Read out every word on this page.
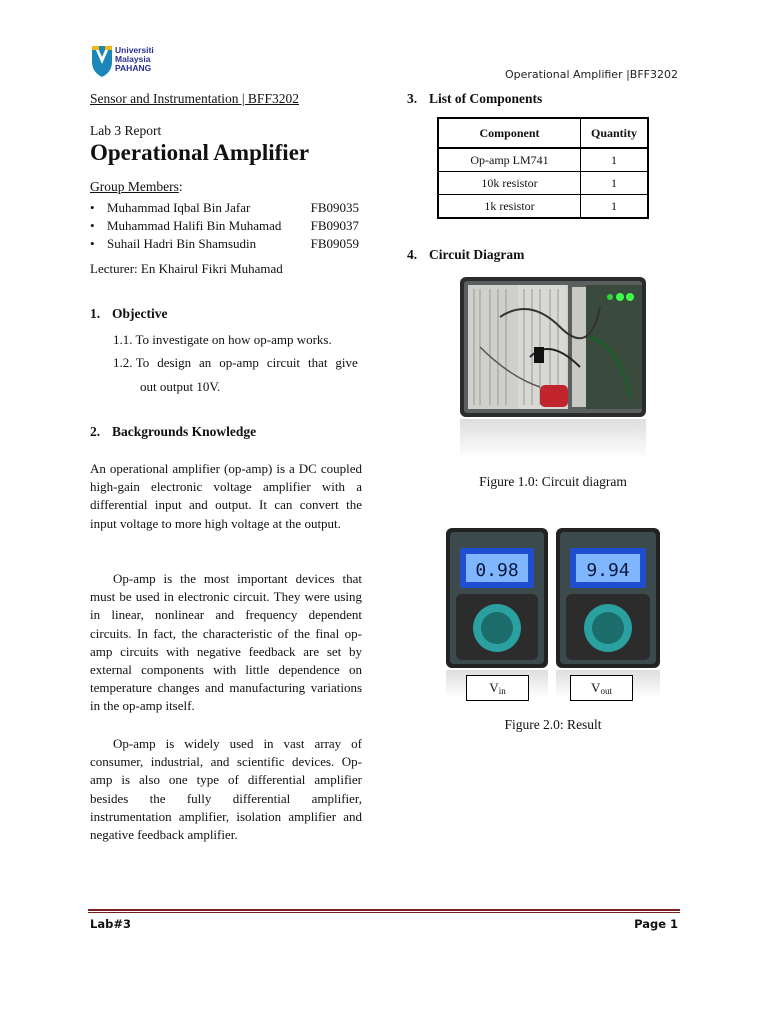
Universiti
Malaysia
PAHANG	Operational Amplifier |BFF3202
Sensor and Instrumentation | BFF3202
Lab 3 Report
Operational Amplifier
Group Members:
• Muhammad Iqbal Bin Jafar	FB09035
• Muhammad Halifi Bin Muhamad FB09037
• Suhail Hadri Bin Shamsudin	FB09059
Lecturer: En Khairul Fikri Muhamad
1. Objective
1.1. To investigate on how op-amp works.
1.2. To design an op-amp circuit that give
out output 10V.
2. Backgrounds Knowledge
An operational amplifier (op-amp) is a DC coupled high-gain electronic voltage amplifier with a differential input and output. It can convert the input voltage to more high voltage at the output.
Op-amp is the most important devices that must be used in electronic circuit. They were using in linear, nonlinear and frequency dependent circuits. In fact, the characteristic of the final op-amp circuits with negative feedback are set by external components with little dependence on temperature changes and manufacturing variations in the op-amp itself.
Op-amp is widely used in vast array of consumer, industrial, and scientific devices. Op-amp is also one type of differential amplifier besides the fully differential amplifier, instrumentation amplifier, isolation amplifier and negative feedback amplifier.
3. List of Components
Component	Quantity
Op-amp LM741	1
10k resistor	1
1k resistor	1
4. Circuit Diagram
Figure 1.0: Circuit diagram
0.98	9.94
$V_{in}$	$V_{out}$
Figure 2.0: Result
Lab#3	Page 1
